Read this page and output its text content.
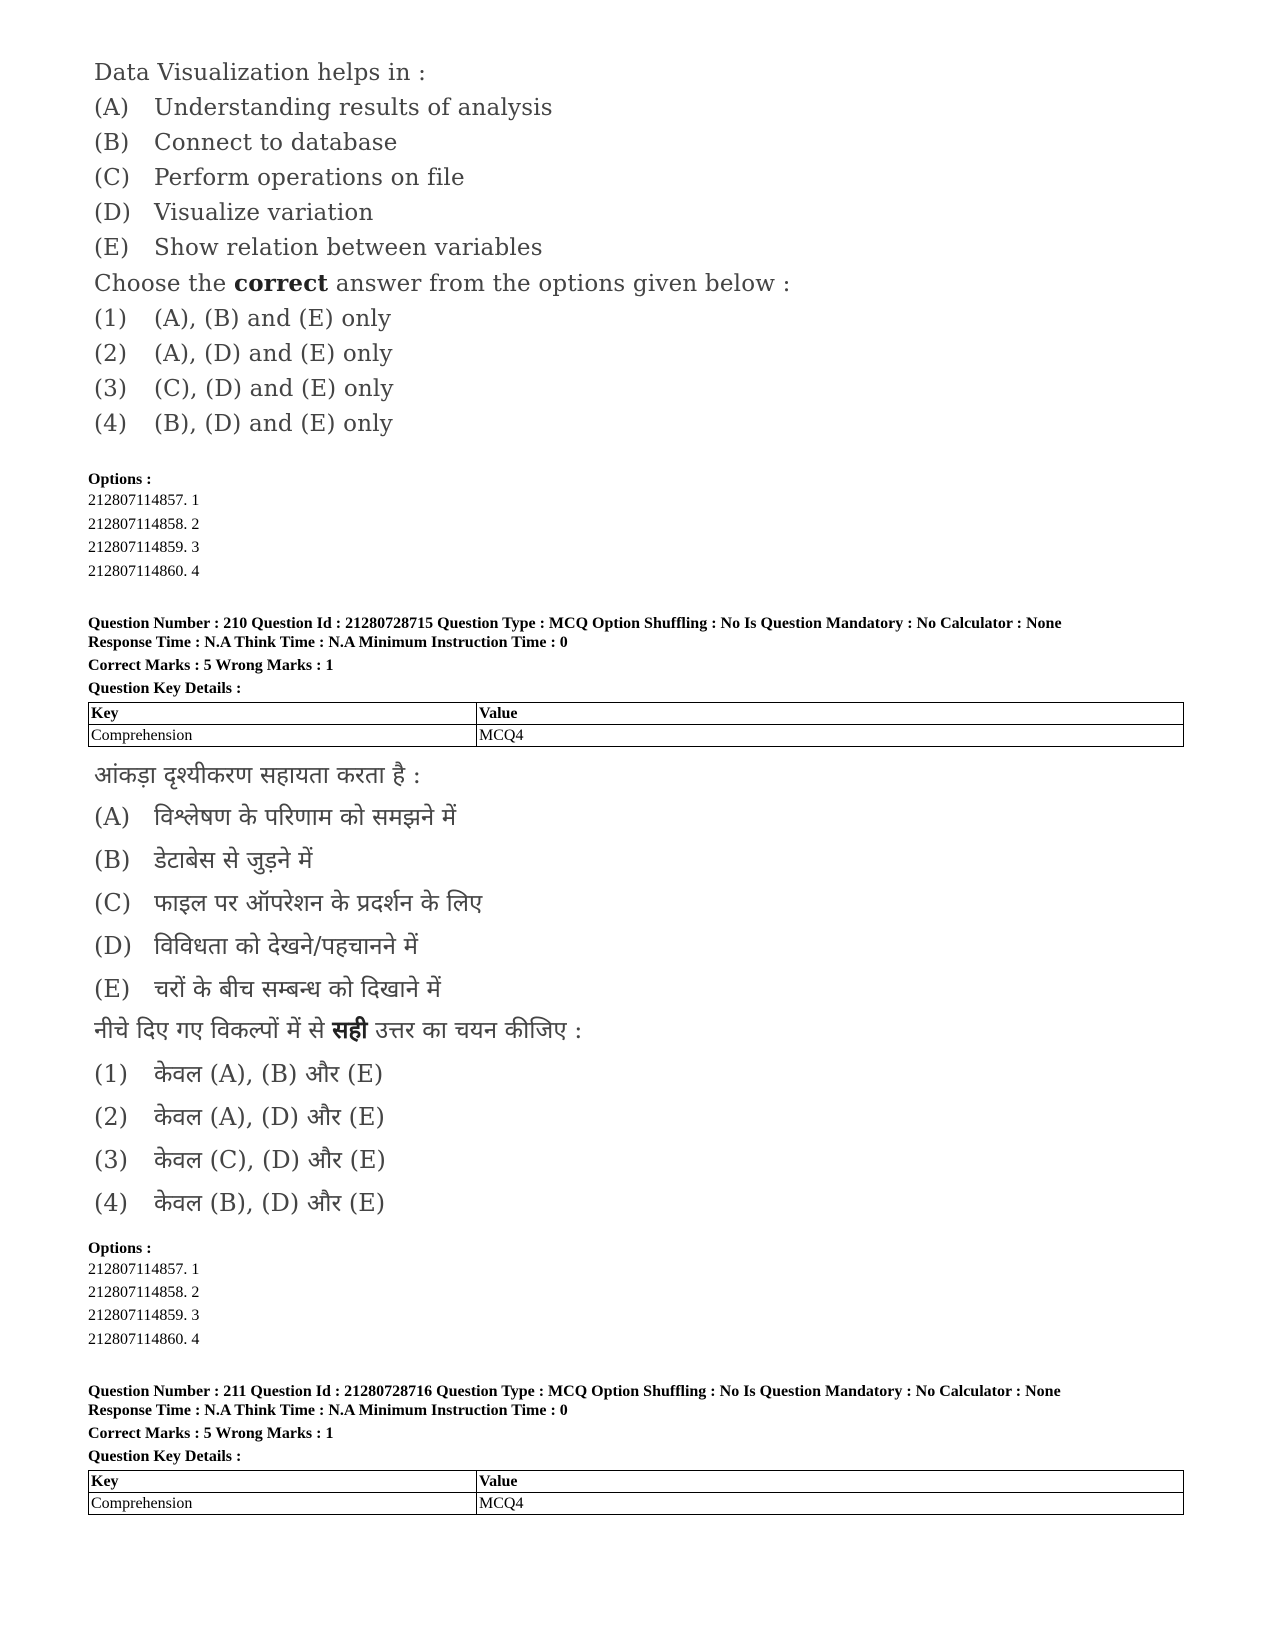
Data Visualization helps in :
(A) Understanding results of analysis
(B) Connect to database
(C) Perform operations on file
(D) Visualize variation
(E) Show relation between variables
Choose the correct answer from the options given below :
(1) (A), (B) and (E) only
(2) (A), (D) and (E) only
(3) (C), (D) and (E) only
(4) (B), (D) and (E) only
Options :
212807114857. 1
212807114858. 2
212807114859. 3
212807114860. 4
Question Number : 210 Question Id : 21280728715 Question Type : MCQ Option Shuffling : No Is Question Mandatory : No Calculator : None
Response Time : N.A Think Time : N.A Minimum Instruction Time : 0
Correct Marks : 5 Wrong Marks : 1
Question Key Details :
Key	Value
Comprehension	MCQ4
आंकड़ा दृश्यीकरण सहायता करता है :
(A) विश्लेषण के परिणाम को समझने में
(B) डेटाबेस से जुड़ने में
(C) फाइल पर ऑपरेशन के प्रदर्शन के लिए
(D) विविधता को देखने/पहचानने में
(E) चरों के बीच सम्बन्ध को दिखाने में
नीचे दिए गए विकल्पों में से सही उत्तर का चयन कीजिए :
(1) केवल (A), (B) और (E)
(2) केवल (A), (D) और (E)
(3) केवल (C), (D) और (E)
(4) केवल (B), (D) और (E)
Options :
212807114857. 1
212807114858. 2
212807114859. 3
212807114860. 4
Question Number : 211 Question Id : 21280728716 Question Type : MCQ Option Shuffling : No Is Question Mandatory : No Calculator : None
Response Time : N.A Think Time : N.A Minimum Instruction Time : 0
Correct Marks : 5 Wrong Marks : 1
Question Key Details :
Key	Value
Comprehension	MCQ4
